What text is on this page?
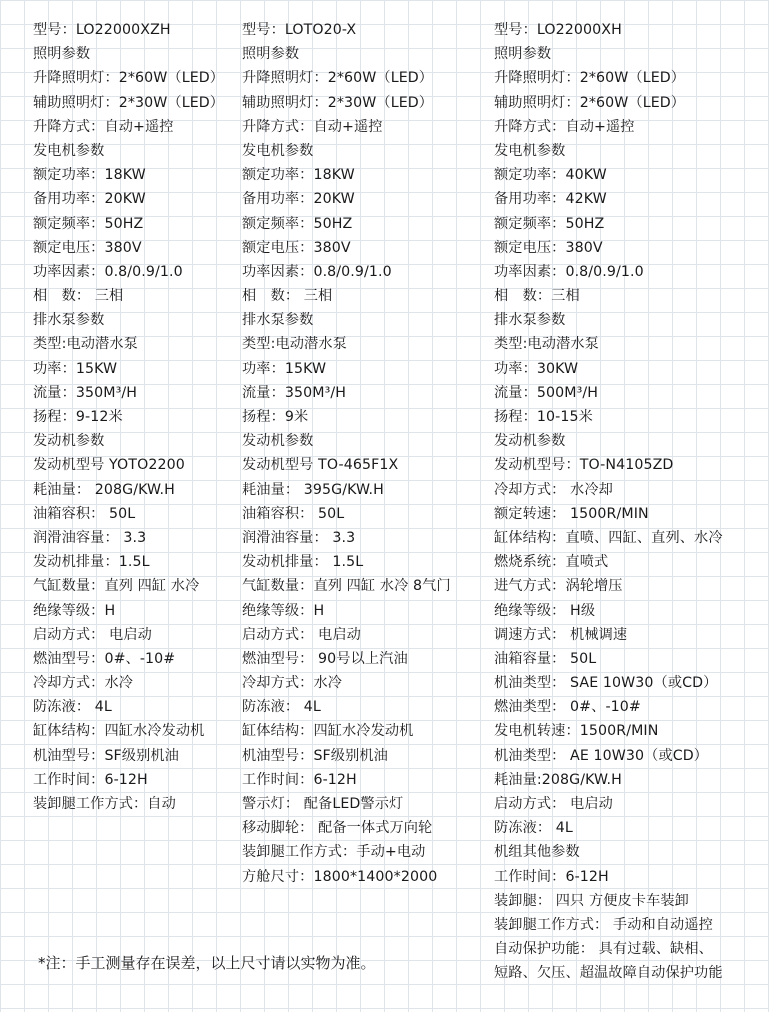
型号：LO22000XZH
照明参数
升降照明灯：2*60W（LED）
辅助照明灯：2*30W（LED）
升降方式：自动+遥控
发电机参数
额定功率：18KW
备用功率：20KW
额定频率：50HZ
额定电压：380V
功率因素：0.8/0.9/1.0
相　数： 三相
排水泵参数
类型:电动潜水泵
功率：15KW
流量：350M³/H
扬程：9-12米
发动机参数
发动机型号 YOTO2200
耗油量： 208G/KW.H
油箱容积： 50L
润滑油容量： 3.3
发动机排量：1.5L
气缸数量：直列 四缸 水冷
绝缘等级：H
启动方式： 电启动
燃油型号：0#、-10#
冷却方式：水冷
防冻液： 4L
缸体结构：四缸水冷发动机
机油型号：SF级别机油
工作时间：6-12H
装卸腿工作方式：自动
型号：LOTO20-X
照明参数
升降照明灯：2*60W（LED）
辅助照明灯：2*30W（LED）
升降方式：自动+遥控
发电机参数
额定功率：18KW
备用功率：20KW
额定频率：50HZ
额定电压：380V
功率因素：0.8/0.9/1.0
相　数： 三相
排水泵参数
类型:电动潜水泵
功率：15KW
流量：350M³/H
扬程：9米
发动机参数
发动机型号 TO-465F1X
耗油量： 395G/KW.H
油箱容积： 50L
润滑油容量： 3.3
发动机排量： 1.5L
气缸数量：直列 四缸 水冷 8气门
绝缘等级：H
启动方式： 电启动
燃油型号： 90号以上汽油
冷却方式：水冷
防冻液： 4L
缸体结构：四缸水冷发动机
机油型号：SF级别机油
工作时间：6-12H
警示灯： 配备LED警示灯
移动脚轮： 配备一体式万向轮
装卸腿工作方式：手动+电动
方舱尺寸：1800*1400*2000
型号：LO22000XH
照明参数
升降照明灯：2*60W（LED）
辅助照明灯：2*60W（LED）
升降方式：自动+遥控
发电机参数
额定功率：40KW
备用功率：42KW
额定频率：50HZ
额定电压：380V
功率因素：0.8/0.9/1.0
相　数：三相
排水泵参数
类型:电动潜水泵
功率：30KW
流量：500M³/H
扬程：10-15米
发动机参数
发动机型号：TO-N4105ZD
冷却方式： 水冷却
额定转速： 1500R/MIN
缸体结构：直喷、四缸、直列、水冷
燃烧系统：直喷式
进气方式：涡轮增压
绝缘等级： H级
调速方式： 机械调速
油箱容量： 50L
机油类型： SAE 10W30（或CD）
燃油类型： 0#、-10#
发电机转速：1500R/MIN
机油类型： AE 10W30（或CD）
耗油量:208G/KW.H
启动方式： 电启动
防冻液： 4L
机组其他参数
工作时间：6-12H
装卸腿： 四只 方便皮卡车装卸
装卸腿工作方式： 手动和自动遥控
自动保护功能： 具有过载、缺相、
短路、欠压、超温故障自动保护功能
*注：手工测量存在误差，以上尺寸请以实物为准。
